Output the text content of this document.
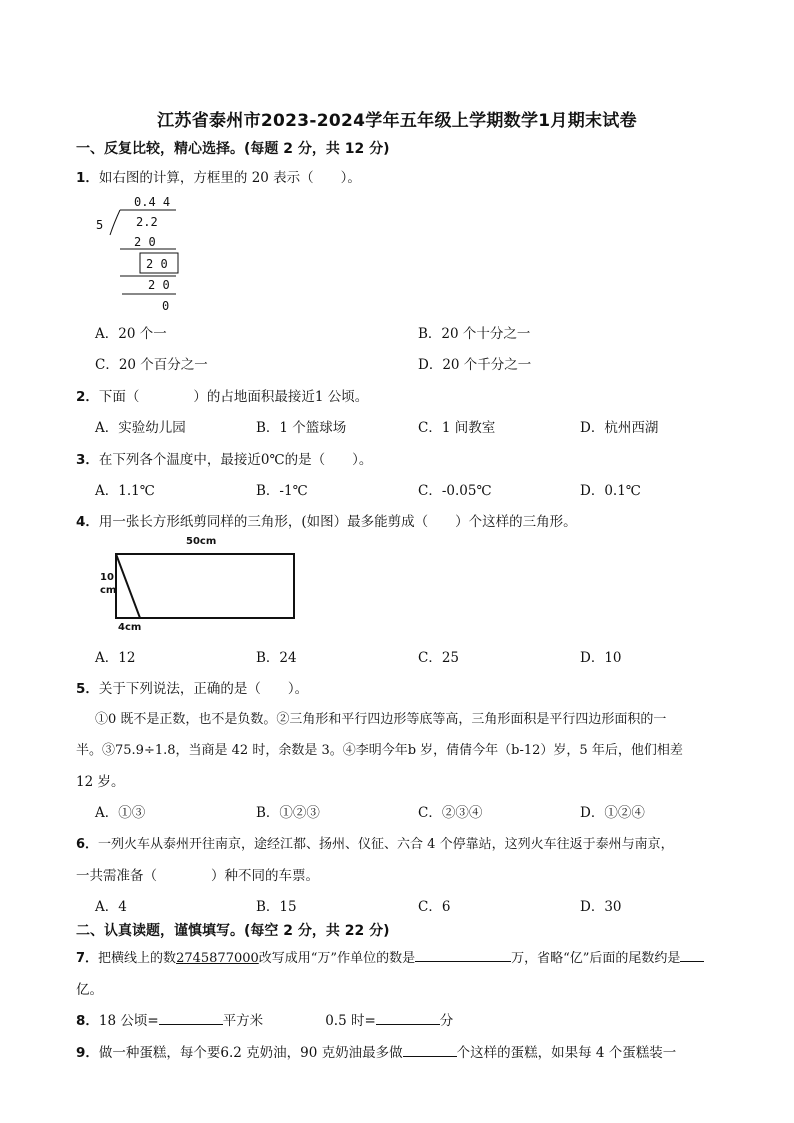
江苏省泰州市2023-2024学年五年级上学期数学1月期末试卷
一、反复比较，精心选择。(每题 2 分，共 12 分)
1．如右图的计算，方框里的 20 表示（　　）。
0.4 4
5	2.2
2 0
2 0
2 0
0
A．20 个一	B．20 个十分之一
C．20 个百分之一	D．20 个千分之一
2．下面（　　　　）的占地面积最接近1 公顷。
A．实验幼儿园	B．1 个篮球场	C．1 间教室	D．杭州西湖
3．在下列各个温度中，最接近0℃的是（　　）。
A．1.1℃	B．-1℃	C．-0.05℃	D．0.1℃
4．用一张长方形纸剪同样的三角形，(如图）最多能剪成（　　）个这样的三角形。
50cm
10
cm
4cm
A．12	B．24	C．25	D．10
5．关于下列说法，正确的是（　　）。
①0 既不是正数，也不是负数。②三角形和平行四边形等底等高，三角形面积是平行四边形面积的一
半。③75.9÷1.8，当商是 42 时，余数是 3。④李明今年b 岁，倩倩今年（b-12）岁，5 年后，他们相差
12 岁。
A．①③	B．①②③	C．②③④	D．①②④
6．一列火车从泰州开往南京，途经江都、扬州、仪征、六合 4 个停靠站，这列火车往返于泰州与南京，
一共需准备（　　　　）种不同的车票。
A．4	B．15	C．6	D．30
二、认真读题，谨慎填写。(每空 2 分，共 22 分)
7．把横线上的数2745877000改写成用“万”作单位的数是	万，省略“亿”后面的尾数约是
亿。
8．18 公顷=	平方米	0.5 时=	分
9．做一种蛋糕，每个要6.2 克奶油，90 克奶油最多做	个这样的蛋糕，如果每 4 个蛋糕装一
